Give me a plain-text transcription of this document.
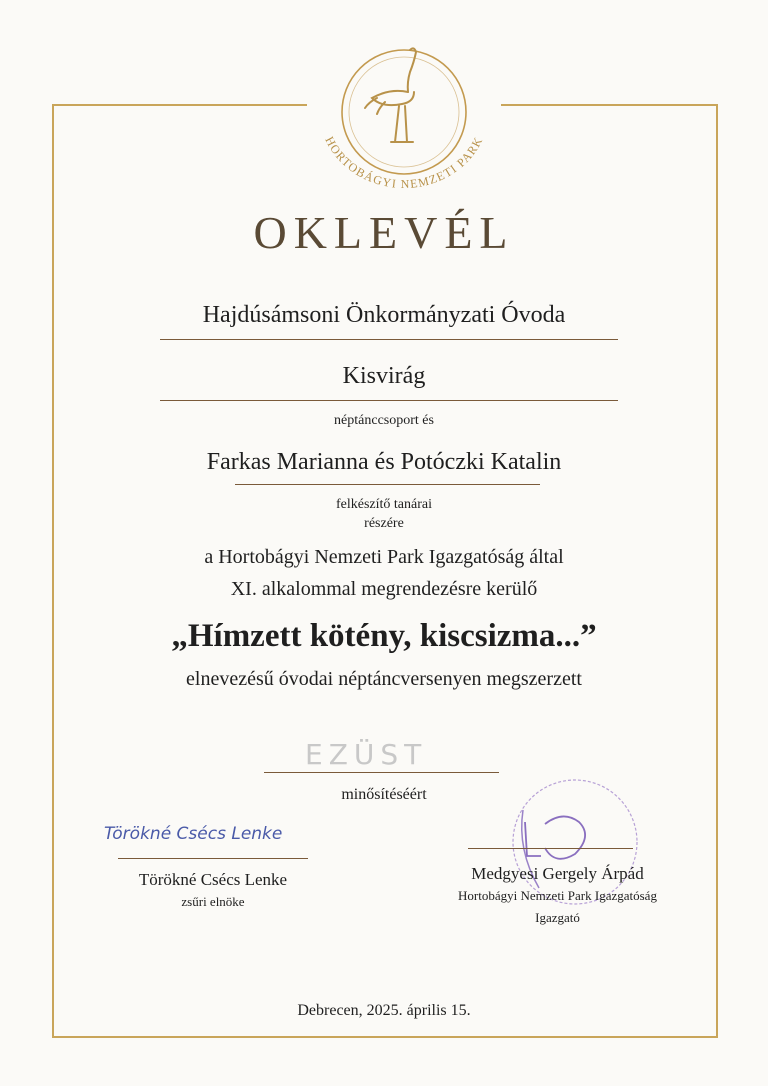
HORTOBÁGYI NEMZETI PARK
OKLEVÉL
Hajdúsámsoni Önkormányzati Óvoda
Kisvirág
néptánccsoport és
Farkas Marianna és Potóczki Katalin
felkészítő tanárai
részére
a Hortobágyi Nemzeti Park Igazgatóság által
XI. alkalommal megrendezésre kerülő
„Hímzett kötény, kiscsizma...”
elnevezésű óvodai néptáncversenyen megszerzett
EZÜST
minősítéséért
Törökné Csécs Lenke
Törökné Csécs Lenke
zsűri elnöke
Medgyesi Gergely Árpád
Hortobágyi Nemzeti Park Igazgatóság
Igazgató
Debrecen, 2025. április 15.
